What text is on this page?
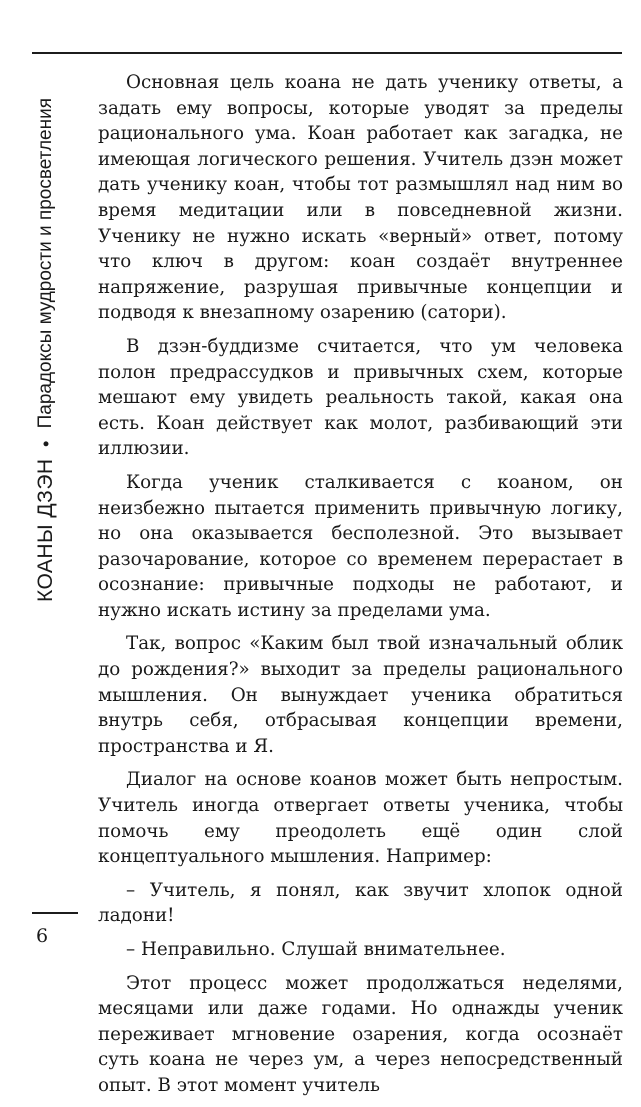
КОАНЫ ДЗЭН • Парадоксы мудрости и просветления

Основная цель коана не дать ученику ответы, а задать ему вопросы, которые уводят за пределы рационального ума. Коан работает как загадка, не имеющая логического решения. Учитель дзэн может дать ученику коан, чтобы тот размышлял над ним во время медитации или в повседневной жизни. Ученику не нужно искать «верный» ответ, потому что ключ в другом: коан создаёт внутреннее напряжение, разрушая привычные концепции и подводя к внезапному озарению (сатори).

В дзэн-буддизме считается, что ум человека полон предрассудков и привычных схем, которые мешают ему увидеть реальность такой, какая она есть. Коан действует как молот, разбивающий эти иллюзии.

Когда ученик сталкивается с коаном, он неизбежно пытается применить привычную логику, но она оказывается бесполезной. Это вызывает разочарование, которое со временем перерастает в осознание: привычные подходы не работают, и нужно искать истину за пределами ума.

Так, вопрос «Каким был твой изначальный облик до рождения?» выходит за пределы рационального мышления. Он вынуждает ученика обратиться внутрь себя, отбрасывая концепции времени, пространства и Я.

Диалог на основе коанов может быть непростым. Учитель иногда отвергает ответы ученика, чтобы помочь ему преодолеть ещё один слой концептуального мышления. Например:

– Учитель, я понял, как звучит хлопок одной ладони!

– Неправильно. Слушай внимательнее.

Этот процесс может продолжаться неделями, месяцами или даже годами. Но однажды ученик переживает мгновение озарения, когда осознаёт суть коана не через ум, а через непосредственный опыт. В этот момент учитель

6
